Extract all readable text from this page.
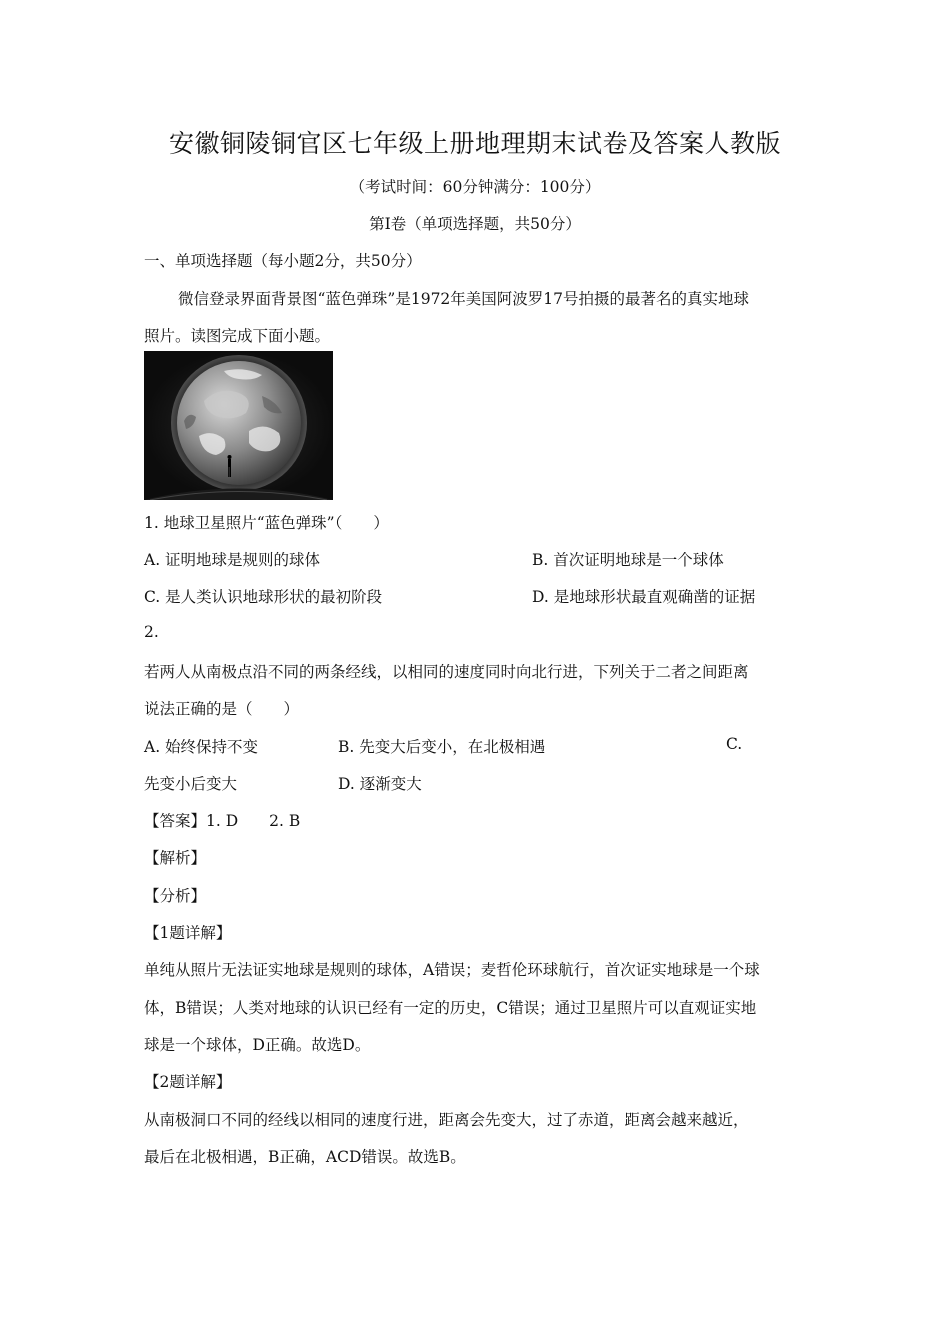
安徽铜陵铜官区七年级上册地理期末试卷及答案人教版
（考试时间：60分钟满分：100分）
第Ⅰ卷（单项选择题，共50分）
一、单项选择题（每小题2分，共50分）
微信登录界面背景图“蓝色弹珠”是1972年美国阿波罗17号拍摄的最著名的真实地球
照片。读图完成下面小题。
1. 地球卫星照片“蓝色弹珠”（　　）
A. 证明地球是规则的球体	B. 首次证明地球是一个球体
C. 是人类认识地球形状的最初阶段	D. 是地球形状最直观确凿的证据
2.
若两人从南极点沿不同的两条经线，以相同的速度同时向北行进，下列关于二者之间距离
说法正确的是（　　）
A. 始终保持不变	B. 先变大后变小，在北极相遇	C.
先变小后变大	D. 逐渐变大
【答案】1. D　　2. B
【解析】
【分析】
【1题详解】
单纯从照片无法证实地球是规则的球体，A错误；麦哲伦环球航行，首次证实地球是一个球
体，B错误；人类对地球的认识已经有一定的历史，C错误；通过卫星照片可以直观证实地
球是一个球体，D正确。故选D。
【2题详解】
从南极洞口不同的经线以相同的速度行进，距离会先变大，过了赤道，距离会越来越近，
最后在北极相遇，B正确，ACD错误。故选B。
